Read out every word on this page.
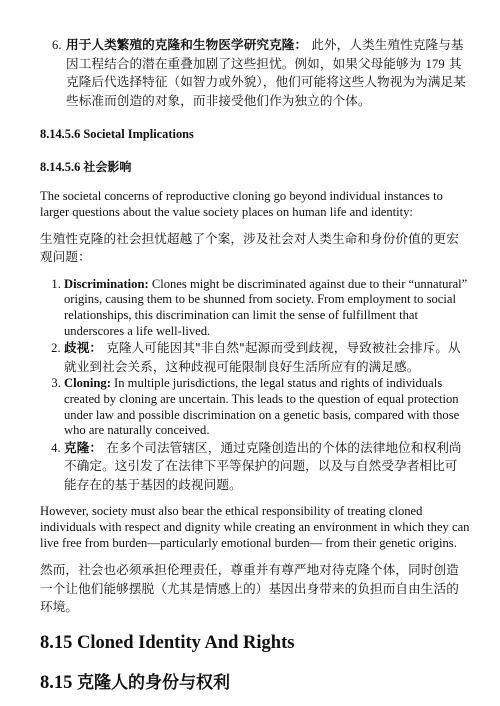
6. 用于人类繁殖的克隆和生物医学研究克隆： 此外，人类生殖性克隆与基因工程结合的潜在重叠加剧了这些担忧。例如，如果父母能够为 179 其克隆后代选择特征（如智力或外貌），他们可能将这些人物视为为满足某些标准而创造的对象，而非接受他们作为独立的个体。
8.14.5.6 Societal Implications
8.14.5.6 社会影响

The societal concerns of reproductive cloning go beyond individual instances to larger questions about the value society places on human life and identity:

生殖性克隆的社会担忧超越了个案，涉及社会对人类生命和身份价值的更宏观问题：

1. Discrimination: Clones might be discriminated against due to their “unnatural” origins, causing them to be shunned from society. From employment to social relationships, this discrimination can limit the sense of fulfillment that underscores a life well-lived.
2. 歧视： 克隆人可能因其"非自然"起源而受到歧视，导致被社会排斥。从就业到社会关系，这种歧视可能限制良好生活所应有的满足感。
3. Cloning: In multiple jurisdictions, the legal status and rights of individuals created by cloning are uncertain. This leads to the question of equal protection under law and possible discrimination on a genetic basis, compared with those who are naturally conceived.
4. 克隆： 在多个司法管辖区，通过克隆创造出的个体的法律地位和权利尚不确定。这引发了在法律下平等保护的问题，以及与自然受孕者相比可能存在的基于基因的歧视问题。

However, society must also bear the ethical responsibility of treating cloned individuals with respect and dignity while creating an environment in which they can live free from burden—particularly emotional burden— from their genetic origins.

然而，社会也必须承担伦理责任，尊重并有尊严地对待克隆个体，同时创造一个让他们能够摆脱（尤其是情感上的）基因出身带来的负担而自由生活的环境。

8.15 Cloned Identity And Rights
8.15 克隆人的身份与权利
